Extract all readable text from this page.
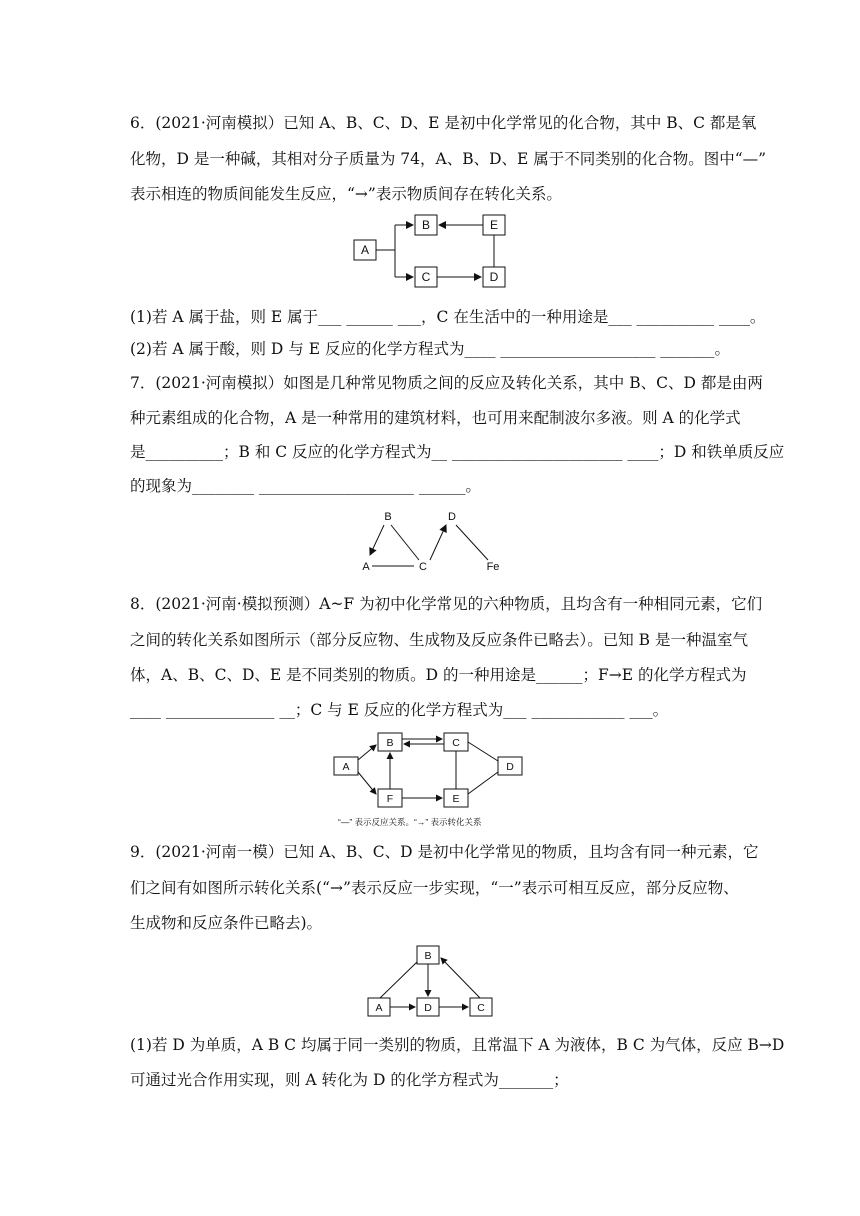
6．(2021·河南模拟）已知 A、B、C、D、E 是初中化学常见的化合物，其中 B、C 都是氧
化物，D 是一种碱，其相对分子质量为 74，A、B、D、E 属于不同类别的化合物。图中“—”
表示相连的物质间能发生反应，“→”表示物质间存在转化关系。
A
B	E
C	D
(1)若 A 属于盐，则 E 属于___ ______ ___，C 在生活中的一种用途是___ __________ ____。
(2)若 A 属于酸，则 D 与 E 反应的化学方程式为____ ____________________ _______。
7．(2021·河南模拟）如图是几种常见物质之间的反应及转化关系，其中 B、C、D 都是由两
种元素组成的化合物，A 是一种常用的建筑材料，也可用来配制波尔多液。则 A 的化学式
是__________；B 和 C 反应的化学方程式为__ ______________________ ____；D 和铁单质反应
的现象为________ ____________________ ______。
B	D
A	C	Fe
8．(2021·河南·模拟预测）A~F 为初中化学常见的六种物质，且均含有一种相同元素，它们
之间的转化关系如图所示（部分反应物、生成物及反应条件已略去）。已知 B 是一种温室气
体，A、B、C、D、E 是不同类别的物质。D 的一种用途是______；F→E 的化学方程式为
____ ______________ __；C 与 E 反应的化学方程式为___ ____________ ___。
A
B	C
D
F	E
“—” 表示反应关系。“→” 表示转化关系
9．(2021·河南一模）已知 A、B、C、D 是初中化学常见的物质，且均含有同一种元素，它
们之间有如图所示转化关系(“→”表示反应一步实现，“一”表示可相互反应，部分反应物、
生成物和反应条件已略去)。
B
A	D	C
(1)若 D 为单质，A B C 均属于同一类别的物质，且常温下 A 为液体，B C 为气体，反应 B→D
可通过光合作用实现，则 A 转化为 D 的化学方程式为_______；
